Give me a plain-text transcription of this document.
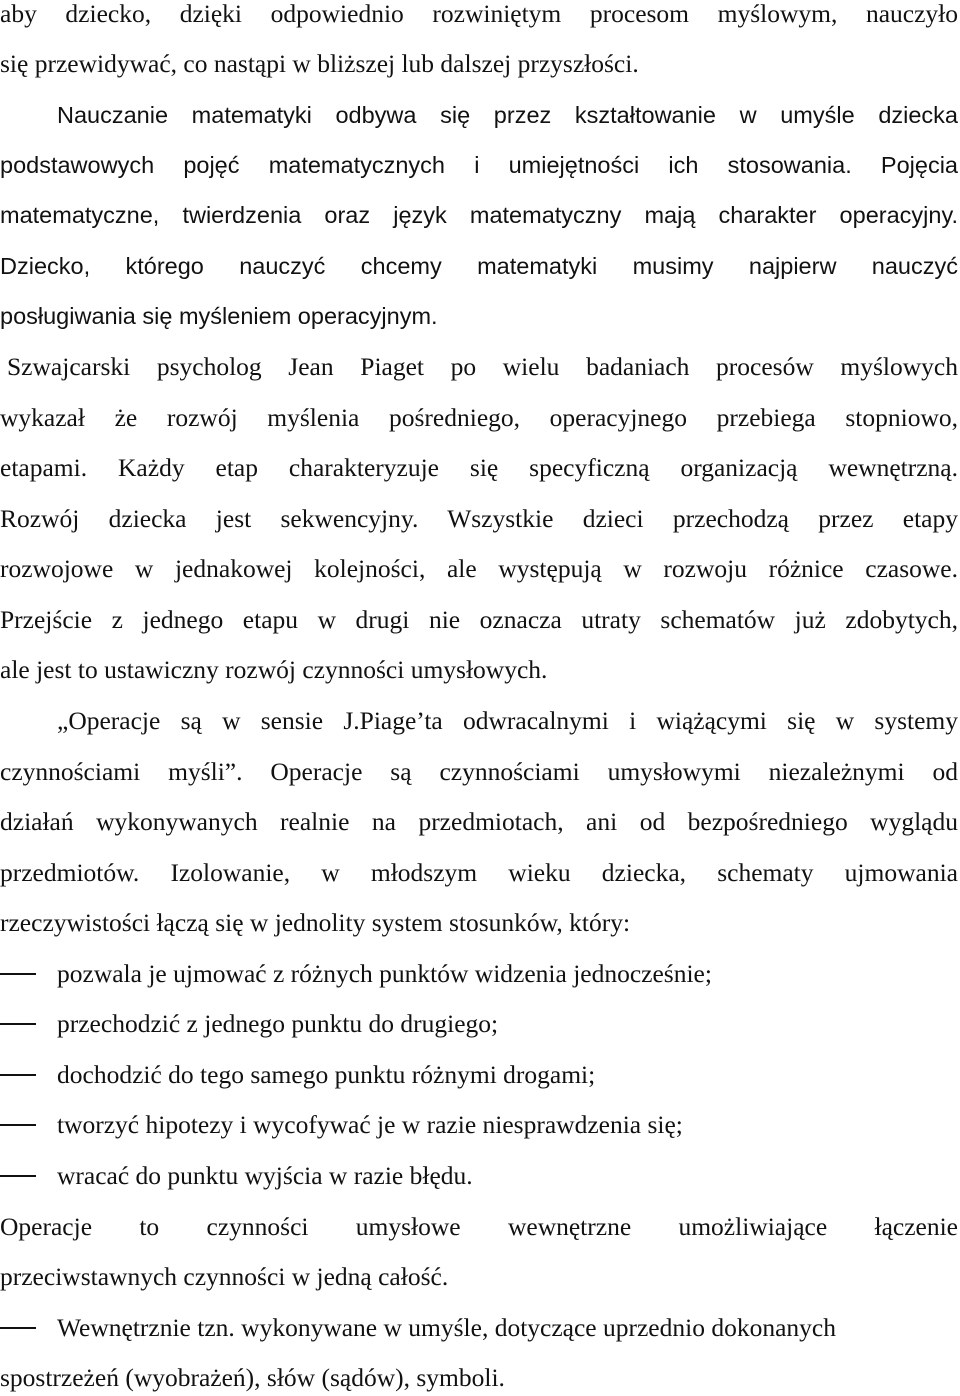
aby dziecko, dzięki odpowiednio rozwiniętym procesom myślowym, nauczyło
się przewidywać, co nastąpi w bliższej lub dalszej przyszłości.
Nauczanie matematyki odbywa się przez kształtowanie w umyśle dziecka
podstawowych pojęć matematycznych i umiejętności ich stosowania. Pojęcia
matematyczne, twierdzenia oraz język matematyczny mają charakter operacyjny.
Dziecko, którego nauczyć chcemy matematyki musimy najpierw nauczyć
posługiwania się myśleniem operacyjnym.
Szwajcarski psycholog Jean Piaget po wielu badaniach procesów myślowych
wykazał że rozwój myślenia pośredniego, operacyjnego przebiega stopniowo,
etapami. Każdy etap charakteryzuje się specyficzną organizacją wewnętrzną.
Rozwój dziecka jest sekwencyjny. Wszystkie dzieci przechodzą przez etapy
rozwojowe w jednakowej kolejności, ale występują w rozwoju różnice czasowe.
Przejście z jednego etapu w drugi nie oznacza utraty schematów już zdobytych,
ale jest to ustawiczny rozwój czynności umysłowych.
„Operacje są w sensie J.Piage’ta odwracalnymi i wiążącymi się w systemy
czynnościami myśli”. Operacje są czynnościami umysłowymi niezależnymi od
działań wykonywanych realnie na przedmiotach, ani od bezpośredniego wyglądu
przedmiotów. Izolowanie, w młodszym wieku dziecka, schematy ujmowania
rzeczywistości łączą się w jednolity system stosunków, który:
pozwala je ujmować z różnych punktów widzenia jednocześnie;
przechodzić z jednego punktu do drugiego;
dochodzić do tego samego punktu różnymi drogami;
tworzyć hipotezy i wycofywać je w razie niesprawdzenia się;
wracać do punktu wyjścia w razie błędu.
Operacje to czynności umysłowe wewnętrzne umożliwiające łączenie
przeciwstawnych czynności w jedną całość.
Wewnętrznie tzn. wykonywane w umyśle, dotyczące uprzednio dokonanych
spostrzeżeń (wyobrażeń), słów (sądów), symboli.
